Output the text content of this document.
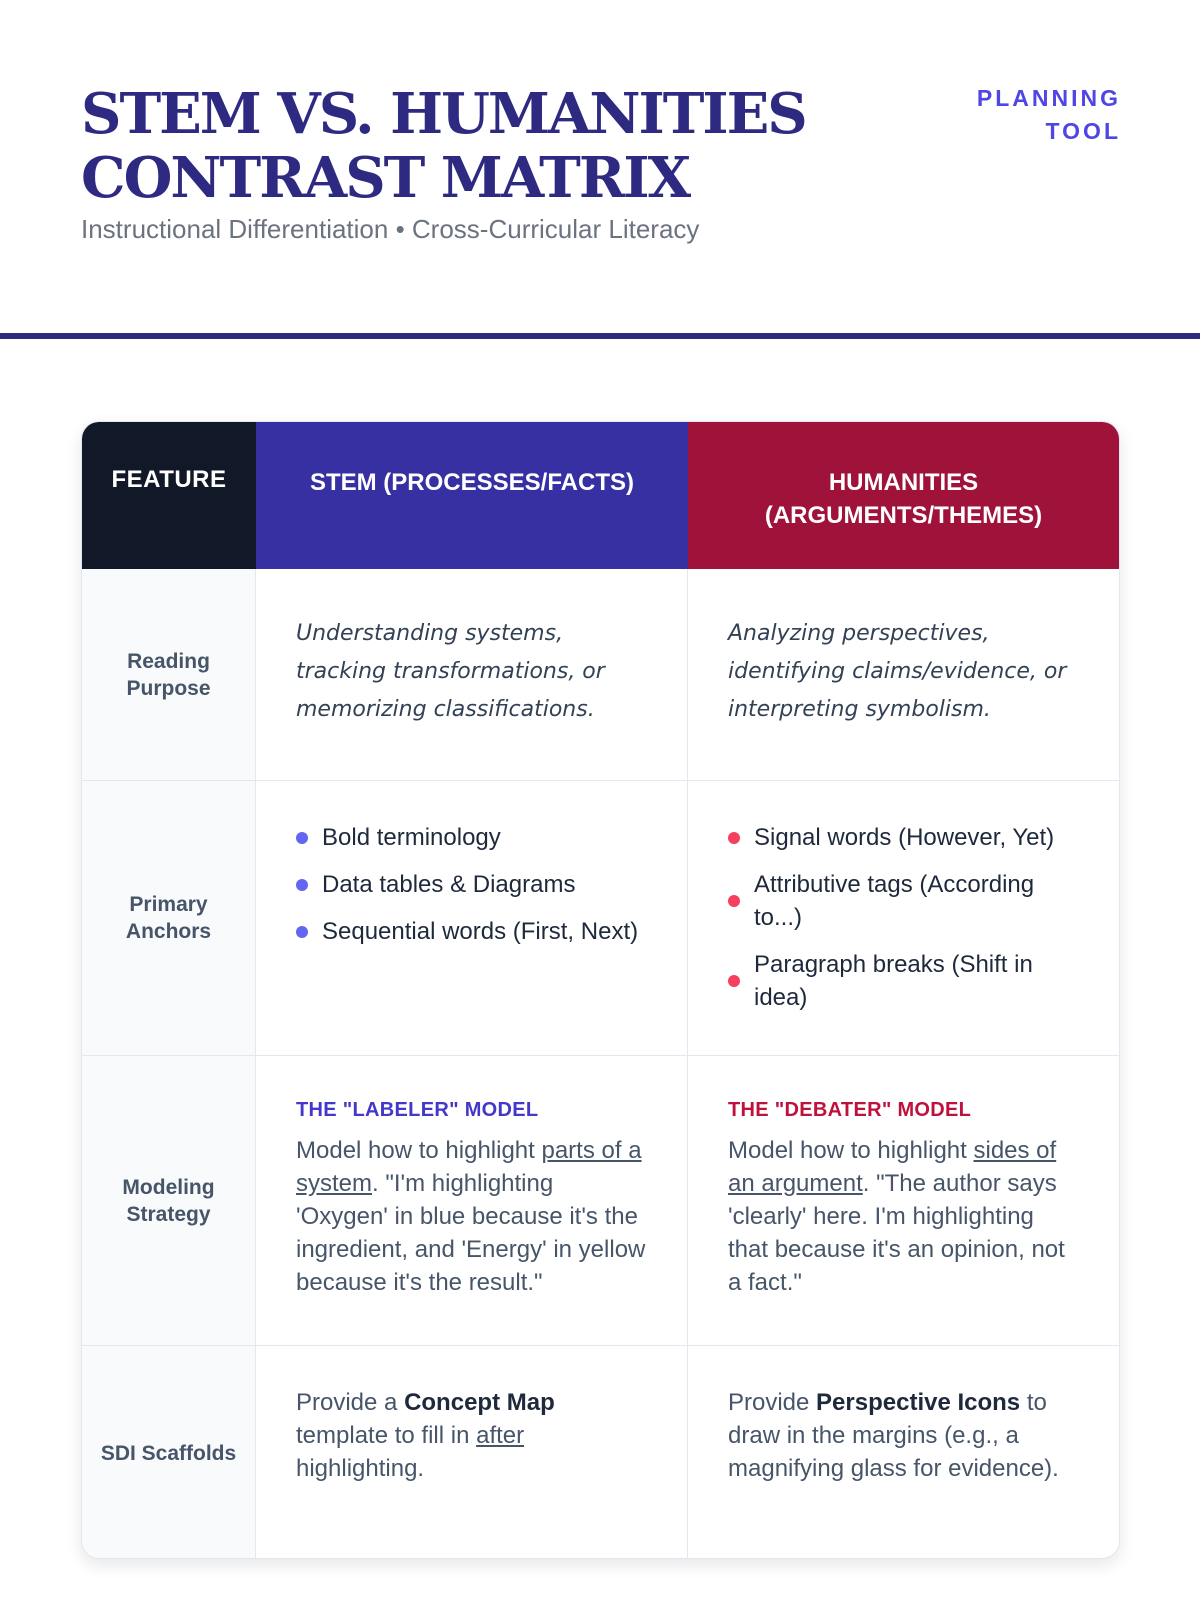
STEM VS. HUMANITIES CONTRAST MATRIX
Instructional Differentiation • Cross-Curricular Literacy
PLANNING TOOL
FEATURE	STEM (PROCESSES/FACTS)	HUMANITIES (ARGUMENTS/THEMES)
Reading Purpose
Understanding systems, tracking transformations, or memorizing classifications.
Analyzing perspectives, identifying claims/evidence, or interpreting symbolism.
Primary Anchors
Bold terminology
Data tables & Diagrams
Sequential words (First, Next)
Signal words (However, Yet)
Attributive tags (According to...)
Paragraph breaks (Shift in idea)
Modeling Strategy
THE "LABELER" MODEL

Model how to highlight parts of a system. "I'm highlighting 'Oxygen' in blue because it's the ingredient, and 'Energy' in yellow because it's the result."

THE "DEBATER" MODEL

Model how to highlight sides of an argument. "The author says 'clearly' here. I'm highlighting that because it's an opinion, not a fact."

SDI Scaffolds
Provide a Concept Map template to fill in after highlighting.
Provide Perspective Icons to draw in the margins (e.g., a magnifying glass for evidence).
